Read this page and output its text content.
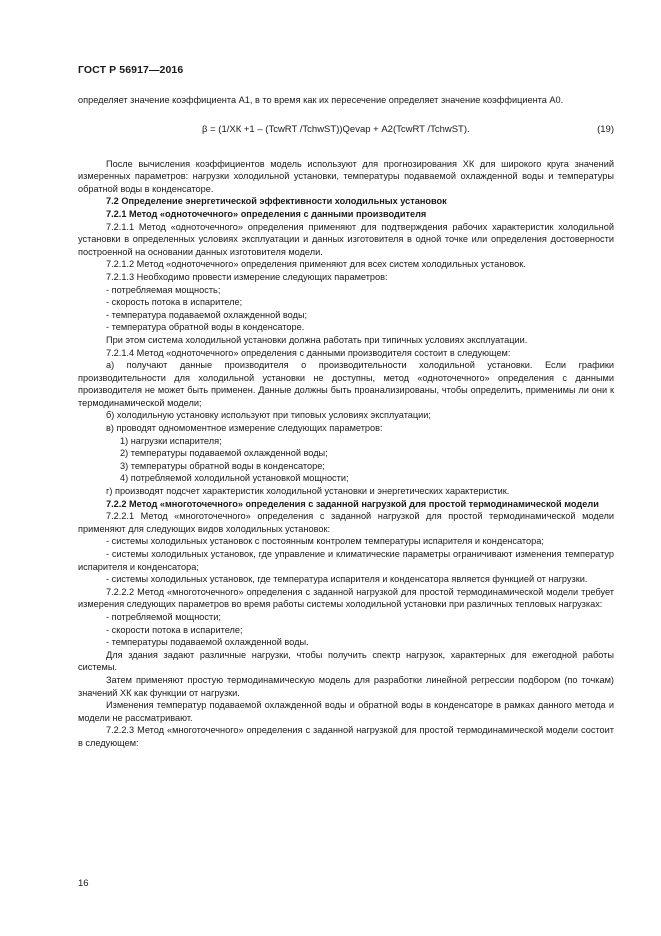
ГОСТ Р 56917—2016

определяет значение коэффициента А1, в то время как их пересечение определяет значение коэффициента А0.

β = (1/ХК +1 – (TcwRT /TchwST))Qevap + А2(TcwRT /TchwST).	(19)

После вычисления коэффициентов модель используют для прогнозирования ХК для широкого круга значений измеренных параметров: нагрузки холодильной установки, температуры подаваемой охлажденной воды и температуры обратной воды в конденсаторе.

7.2 Определение энергетической эффективности холодильных установок

7.2.1 Метод «одноточечного» определения с данными производителя

7.2.1.1 Метод «одноточечного» определения применяют для подтверждения рабочих характеристик холодильной установки в определенных условиях эксплуатации и данных изготовителя в одной точке или определения достоверности построенной на основании данных изготовителя модели.

7.2.1.2 Метод «одноточечного» определения применяют для всех систем холодильных установок.

7.2.1.3 Необходимо провести измерение следующих параметров:

- потребляемая мощность;

- скорость потока в испарителе;

- температура подаваемой охлажденной воды;

- температура обратной воды в конденсаторе.

При этом система холодильной установки должна работать при типичных условиях эксплуатации.

7.2.1.4 Метод «одноточечного» определения с данными производителя состоит в следующем:

а) получают данные производителя о производительности холодильной установки. Если графики производительности для холодильной установки не доступны, метод «одноточечного» определения с данными производителя не может быть применен. Данные должны быть проанализированы, чтобы определить, применимы ли они к термодинамической модели;

б) холодильную установку используют при типовых условиях эксплуатации;

в) проводят одномоментное измерение следующих параметров:

1) нагрузки испарителя;

2) температуры подаваемой охлажденной воды;

3) температуры обратной воды в конденсаторе;

4) потребляемой холодильной установкой мощности;

г) производят подсчет характеристик холодильной установки и энергетических характеристик.

7.2.2 Метод «многоточечного» определения с заданной нагрузкой для простой термодинамической модели

7.2.2.1 Метод «многоточечного» определения с заданной нагрузкой для простой термодинамической модели применяют для следующих видов холодильных установок:

- системы холодильных установок с постоянным контролем температуры испарителя и конденсатора;

- системы холодильных установок, где управление и климатические параметры ограничивают изменения температур испарителя и конденсатора;

- системы холодильных установок, где температура испарителя и конденсатора является функцией от нагрузки.

7.2.2.2 Метод «многоточечного» определения с заданной нагрузкой для простой термодинамической модели требует измерения следующих параметров во время работы системы холодильной установки при различных тепловых нагрузках:

- потребляемой мощности;

- скорости потока в испарителе;

- температуры подаваемой охлажденной воды.

Для здания задают различные нагрузки, чтобы получить спектр нагрузок, характерных для ежегодной работы системы.

Затем применяют простую термодинамическую модель для разработки линейной регрессии подбором (по точкам) значений ХК как функции от нагрузки.

Изменения температур подаваемой охлажденной воды и обратной воды в конденсаторе в рамках данного метода и модели не рассматривают.

7.2.2.3 Метод «многоточечного» определения с заданной нагрузкой для простой термодинамической модели состоит в следующем:

16
